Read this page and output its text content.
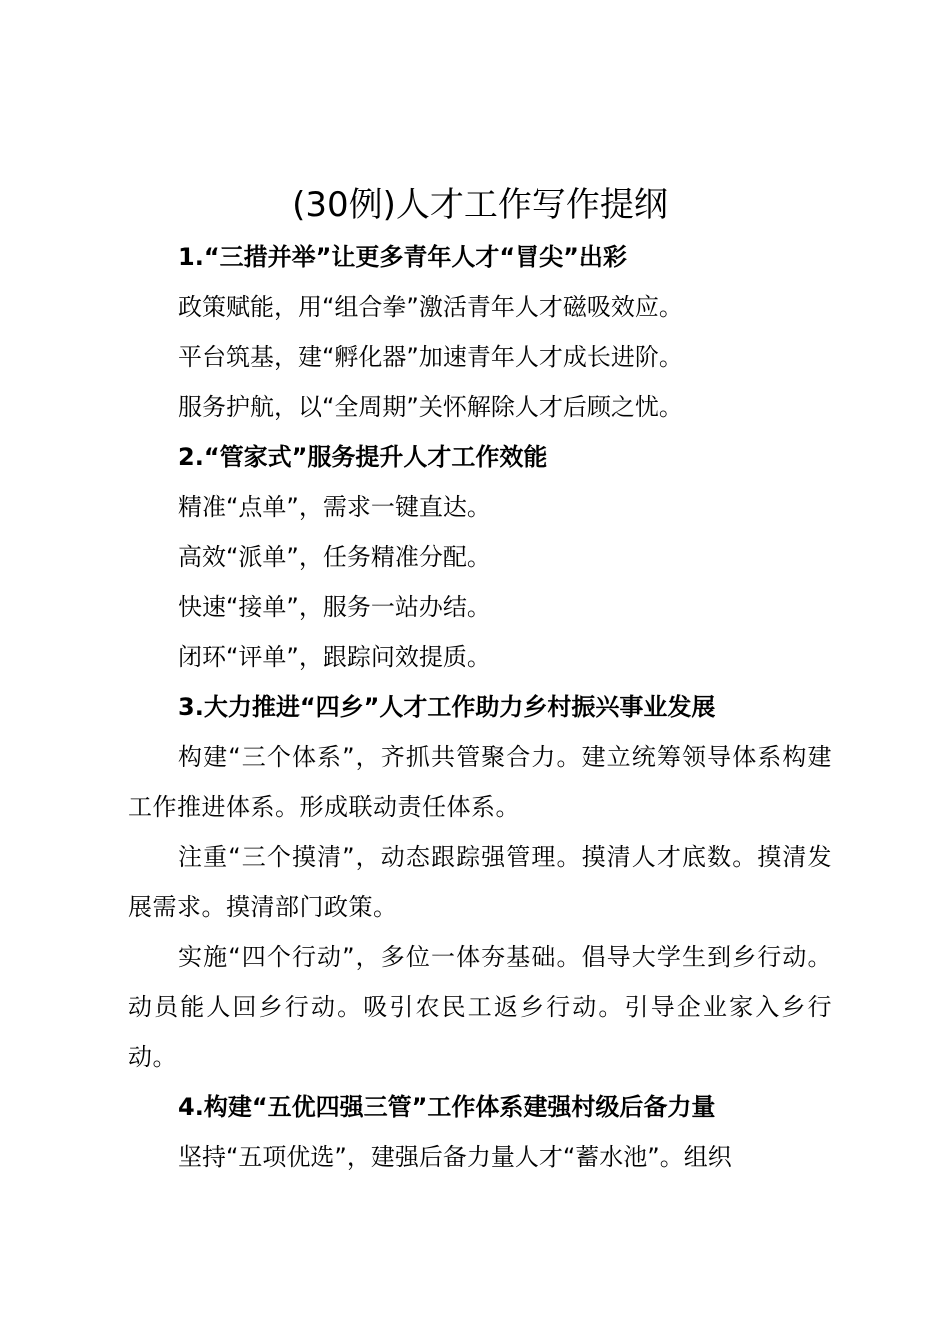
(30例)人才工作写作提纲

1.“三措并举”让更多青年人才“冒尖”出彩

政策赋能，用“组合拳”激活青年人才磁吸效应。

平台筑基，建“孵化器”加速青年人才成长进阶。

服务护航，以“全周期”关怀解除人才后顾之忧。

2.“管家式”服务提升人才工作效能

精准“点单”，需求一键直达。

高效“派单”，任务精准分配。

快速“接单”，服务一站办结。

闭环“评单”，跟踪问效提质。

3.大力推进“四乡”人才工作助力乡村振兴事业发展

构建“三个体系”，齐抓共管聚合力。建立统筹领导体系构建工作推进体系。形成联动责任体系。

注重“三个摸清”，动态跟踪强管理。摸清人才底数。摸清发展需求。摸清部门政策。

实施“四个行动”，多位一体夯基础。倡导大学生到乡行动。动员能人回乡行动。吸引农民工返乡行动。引导企业家入乡行动。

4.构建“五优四强三管”工作体系建强村级后备力量

坚持“五项优选”，建强后备力量人才“蓄水池”。组织
